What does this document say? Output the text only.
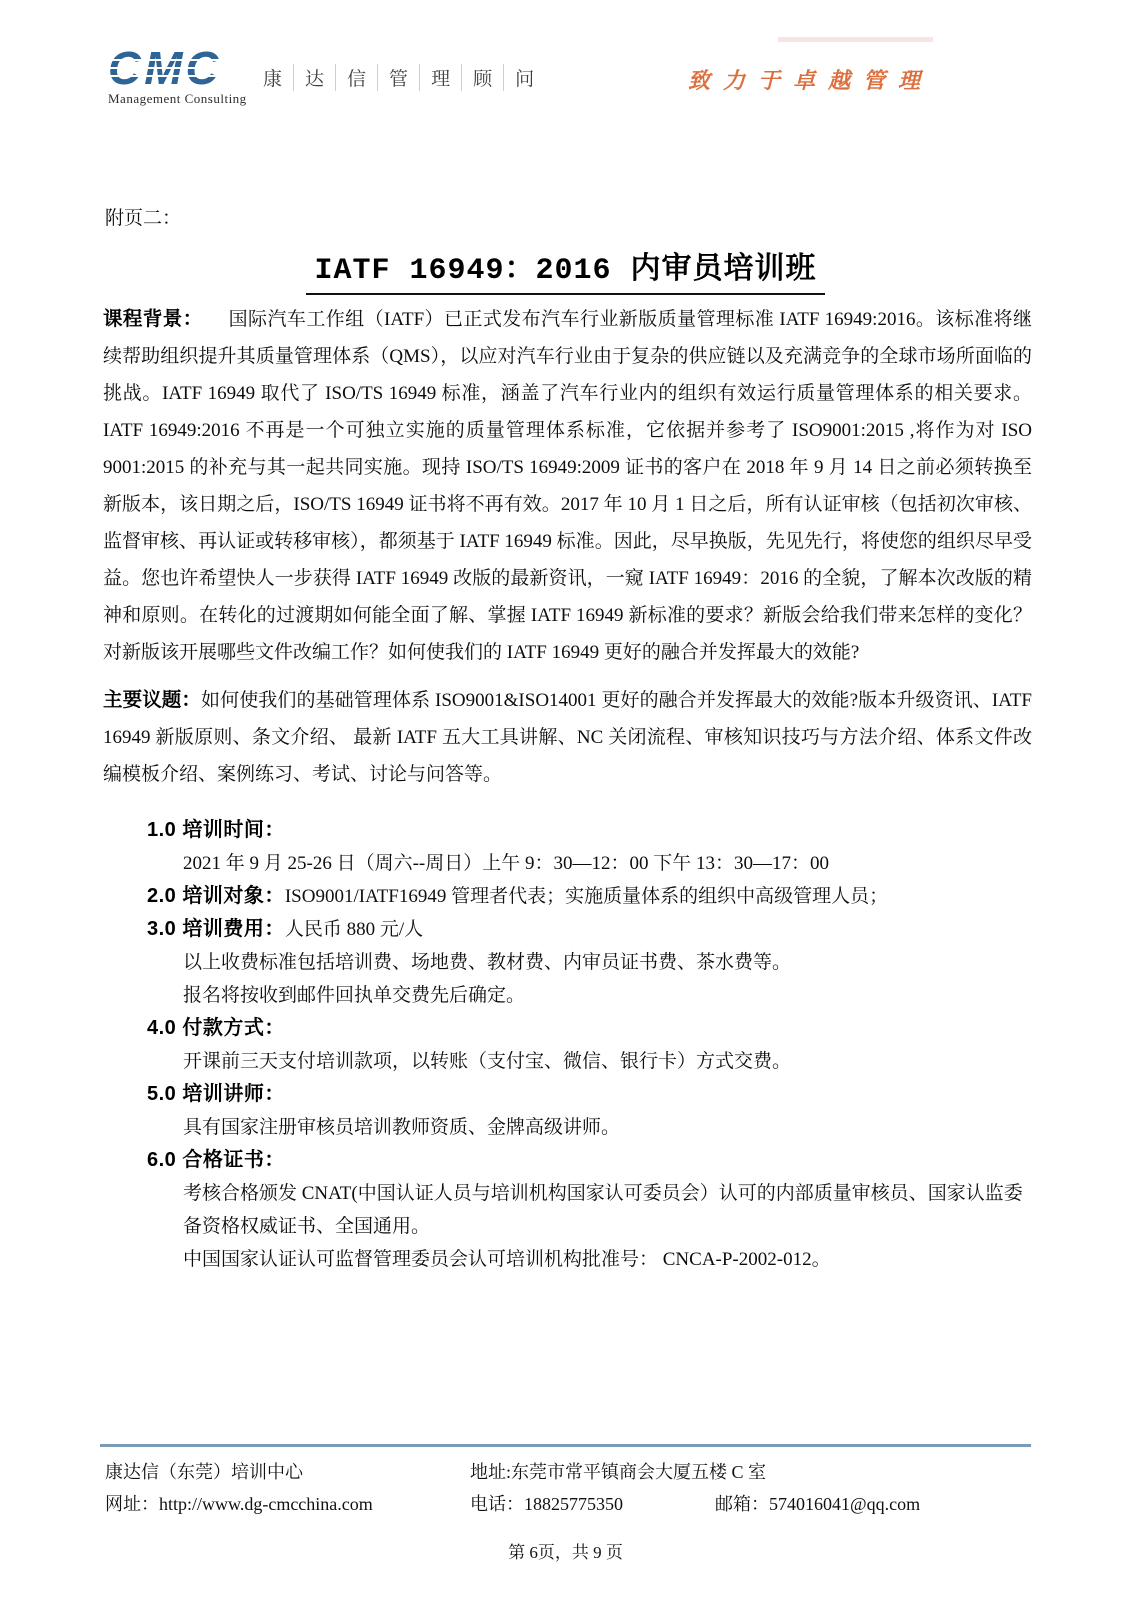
Management Consulting
康	达	信	管	理	顾	问	致力于卓越管理
附页二：
IATF 16949：2016 内审员培训班

课程背景： 国际汽车工作组（IATF）已正式发布汽车行业新版质量管理标准 IATF 16949:2016。该标准将继续帮助组织提升其质量管理体系（QMS），以应对汽车行业由于复杂的供应链以及充满竞争的全球市场所面临的挑战。IATF 16949 取代了 ISO/TS 16949 标准，涵盖了汽车行业内的组织有效运行质量管理体系的相关要求。IATF 16949:2016 不再是一个可独立实施的质量管理体系标准，它依据并参考了 ISO9001:2015 ,将作为对 ISO 9001:2015 的补充与其一起共同实施。现持 ISO/TS 16949:2009 证书的客户在 2018 年 9 月 14 日之前必须转换至新版本，该日期之后，ISO/TS 16949 证书将不再有效。2017 年 10 月 1 日之后，所有认证审核（包括初次审核、监督审核、再认证或转移审核），都须基于 IATF 16949 标准。因此，尽早换版，先见先行，将使您的组织尽早受益。您也许希望快人一步获得 IATF 16949 改版的最新资讯，一窥 IATF 16949：2016 的全貌，了解本次改版的精神和原则。在转化的过渡期如何能全面了解、掌握 IATF 16949 新标准的要求？新版会给我们带来怎样的变化？对新版该开展哪些文件改编工作？如何使我们的 IATF 16949 更好的融合并发挥最大的效能?

主要议题：如何使我们的基础管理体系 ISO9001&ISO14001 更好的融合并发挥最大的效能?版本升级资讯、IATF 16949 新版原则、条文介绍、 最新 IATF 五大工具讲解、NC 关闭流程、审核知识技巧与方法介绍、体系文件改编模板介绍、案例练习、考试、讨论与问答等。

1.0 培训时间：

2021 年 9 月 25-26 日（周六--周日）上午 9：30—12：00 下午 13：30—17：00

2.0 培训对象：ISO9001/IATF16949 管理者代表；实施质量体系的组织中高级管理人员；

3.0 培训费用：人民币 880 元/人

以上收费标准包括培训费、场地费、教材费、内审员证书费、茶水费等。

报名将按收到邮件回执单交费先后确定。

4.0 付款方式：

开课前三天支付培训款项，以转账（支付宝、微信、银行卡）方式交费。

5.0 培训讲师：

具有国家注册审核员培训教师资质、金牌高级讲师。

6.0 合格证书：

考核合格颁发 CNAT(中国认证人员与培训机构国家认可委员会）认可的内部质量审核员、国家认监委备资格权威证书、全国通用。

中国国家认证认可监督管理委员会认可培训机构批准号： CNCA-P-2002-012。

康达信（东莞）培训中心	地址:东莞市常平镇商会大厦五楼 C 室
网址：http://www.dg-cmcchina.com	电话：18825775350	邮箱：574016041@qq.com
第 6页，共 9 页
